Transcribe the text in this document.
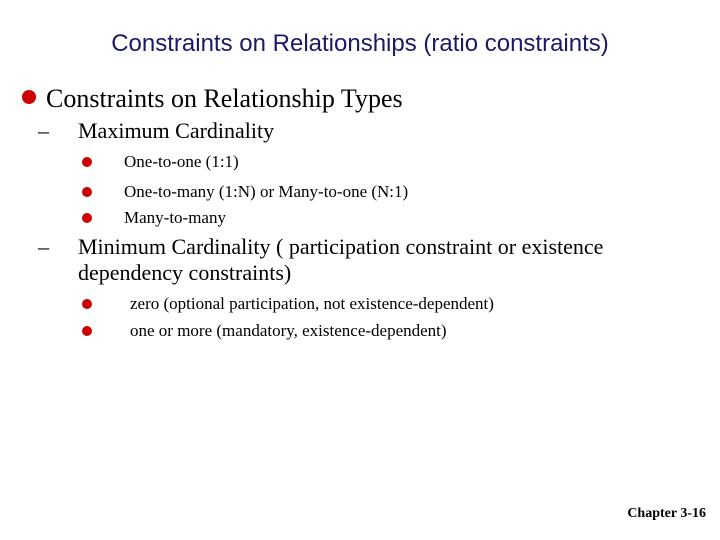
Constraints on Relationships (ratio constraints)
Constraints on Relationship Types
–	Maximum Cardinality
One-to-one (1:1)
One-to-many (1:N) or Many-to-one (N:1)
Many-to-many
–	Minimum Cardinality ( participation constraint or existence dependency constraints)
zero (optional participation, not existence-dependent)
one or more (mandatory, existence-dependent)
Chapter 3-16
